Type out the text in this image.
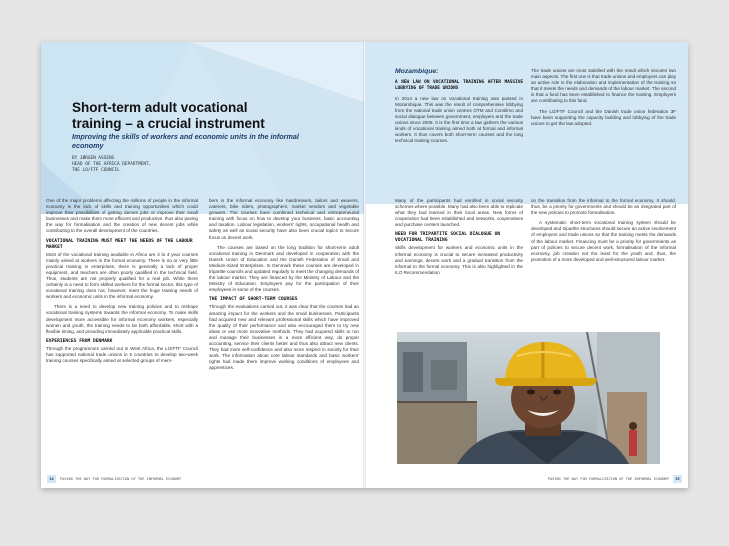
Short-term adult vocational
training – a crucial instrument
Improving the skills of workers and economic units in the informal economy
BY JØRGEN ASSENS
HEAD OF THE AFRICA DEPARTMENT,
THE LO/FTF COUNCIL

One of the major problems affecting the millions of people in the informal economy is the lack of skills and training opportunities which could improve their possibilities of getting decent jobs or improve their small businesses and make them more efficient and productive, thus also paving the way for formalisation and the creation of new decent jobs while contributing to the overall development of the countries.

VOCATIONAL TRAINING MUST MEET THE NEEDS OF THE LABOUR MARKET

Most of the vocational training available in Africa are 3 to 4 year courses mainly aimed at workers in the formal economy. There is no or very little practical training in enterprises, there is generally a lack of proper equipment, and teachers are often poorly qualified in the technical field. Thus, students are not properly qualified for a real job. While there certainly is a need to form skilled workers for the formal sector, this type of vocational training does not, however, meet the huge training needs of workers and economic units in the informal economy.

There is a need to develop new training policies and to reshape vocational training systems towards the informal economy. To make skills development more accessible for informal economy workers, especially women and youth, the training needs to be both affordable, short with a flexible timing, and providing immediately applicable practical skills.

EXPERIENCES FROM DENMARK

Through the programmes carried out in West Africa, the LO/FTF Council has supported national trade unions in 5 countries to develop two-week training courses specifically aimed at selected groups of mem-

bers in the informal economy like hairdressers, tailors and weavers, caterers, bike riders, photographers, market vendors and vegetable growers. The courses have combined technical and entrepreneurial training with focus on how to develop your business, basic accounting and taxation. Labour legislation, workers' rights, occupational health and safety as well as social security have also been crucial topics to secure focus on decent work.

The courses are based on the long tradition for short-term adult vocational training in Denmark and developed in cooperation with the Danish Union of Education and the Danish Federation of Small and Medium-Sized Enterprises. In Denmark these courses are developed in tripartite councils and updated regularly to meet the changing demands of the labour market. They are financed by the Ministry of Labour and the Ministry of Education. Employers pay for the participation of their employees in some of the courses.

THE IMPACT OF SHORT-TERM COURSES

Through the evaluations carried out, it was clear that the courses had an amazing impact for the workers and the small businesses. Participants had acquired new and relevant professional skills which have improved the quality of their performance and also encouraged them to try new ideas or use more innovative methods. They had acquired skills to run and manage their businesses in a more efficient way, do proper accounting, service their clients better and thus also attract new clients. They had more self-confidence and also more respect in society for their work. The information about core labour standards and basic workers' rights had made them improve working conditions of employees and apprentices.

34 PAVING THE WAY FOR FORMALIZATION OF THE INFORMAL ECONOMY

Mozambique:

A NEW LAW ON VOCATIONAL TRAINING AFTER MASSIVE LOBBYING OF TRADE UNIONS

In 2014 a new law on vocational training was passed in Mozambique. This was the result of comprehensive lobbying from the national trade union centres OTM and Consilmo and social dialogue between government, employers and the trade unions since 2006. It is the first time a law gathers the various kinds of vocational training aimed both at formal and informal workers. It thus covers both short-term courses and the long technical training courses.

The trade unions are most satisfied with the result which secures two main aspects. The first one is that trade unions and employers can play an active role in the elaboration and implementation of the training so that it meets the needs and demands of the labour market. The second is that a fund has been established to finance the training. Employers are contributing to this fund.

The LO/FTF Council and the Danish trade union federation 3F have been supporting the capacity building and lobbying of the trade unions to get the law adopted.

Many of the participants had enrolled in social security schemes where possible. Many had also been able to replicate what they had learned in their local areas. New forms of cooperation had been established and networks, cooperatives and purchase centers launched.

NEED FOR TRIPARTITE SOCIAL DIALOGUE ON VOCATIONAL TRAINING

Skills development for workers and economic units in the informal economy is crucial to secure increased productivity and earnings, decent work and a gradual transition from the informal to the formal economy. This is also highlighted in the ILO Recommendation

on the transition from the informal to the formal economy. It should, thus, be a priority for governments and should be an integrated part of the new policies to promote formalisation.

A systematic short-term vocational training system should be developed and tripartite structures should secure an active involvement of employers and trade unions so that the training meets the demands of the labour market. Financing must be a priority for governments as part of policies to secure decent work, formalisation of the informal economy, job creation not the least for the youth and, thus, the promotion of a more developed and well-structured labour market.

PAVING THE WAY FOR FORMALIZATION OF THE INFORMAL ECONOMY 35
